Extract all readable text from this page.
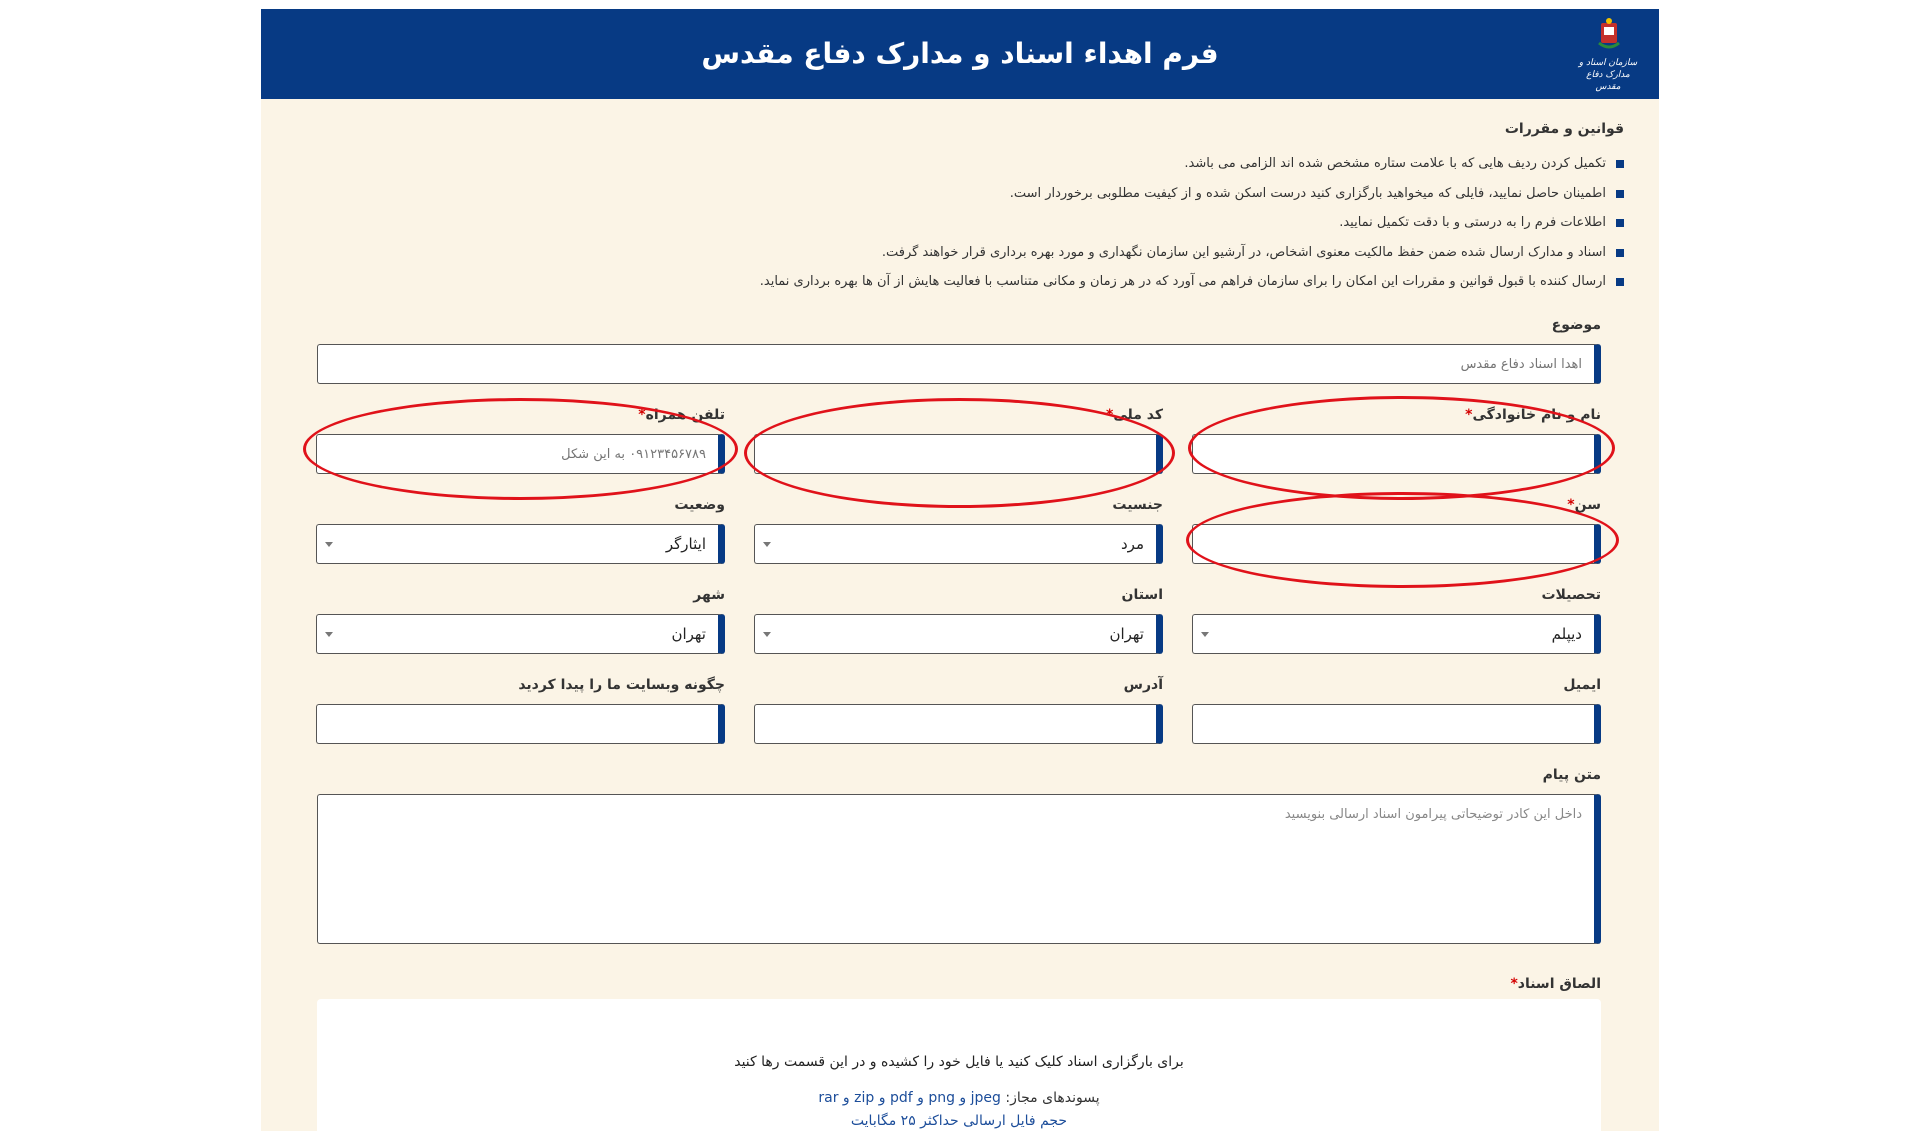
فرم اهداء اسناد و مدارک دفاع مقدس	سازمان اسناد و مدارک دفاع مقدس
قوانین و مقررات
تکمیل کردن ردیف هایی که با علامت ستاره مشخص شده اند الزامی می باشد.
اطمینان حاصل نمایید، فایلی که میخواهید بارگزاری کنید درست اسکن شده و از کیفیت مطلوبی برخوردار است.
اطلاعات فرم را به درستی و با دقت تکمیل نمایید.
اسناد و مدارک ارسال شده ضمن حفظ مالکیت معنوی اشخاص، در آرشیو این سازمان نگهداری و مورد بهره برداری قرار خواهند گرفت.
ارسال کننده با قبول قوانین و مقررات این امکان را برای سازمان فراهم می آورد که در هر زمان و مکانی متناسب با فعالیت هایش از آن ها بهره برداری نماید.
موضوع
اهدا اسناد دفاع مقدس
نام و نام خانوادگی*
کد ملی*
تلفن همراه*
۰۹۱۲۳۴۵۶۷۸۹ به این شکل
سن*
جنسیت
مرد
وضعیت
ایثارگر
تحصیلات
دیپلم
استان
تهران
شهر
تهران
ایمیل
آدرس
چگونه وبسایت ما را پیدا کردید
متن پیام
داخل این کادر توضیحاتی پیرامون اسناد ارسالی بنویسید
الصاق اسناد*
برای بارگزاری اسناد کلیک کنید یا فایل خود را کشیده و در این قسمت رها کنید
پسوندهای مجاز: jpeg و png و pdf و zip و rar
حجم فایل ارسالی حداکثر ۲۵ مگابایت
